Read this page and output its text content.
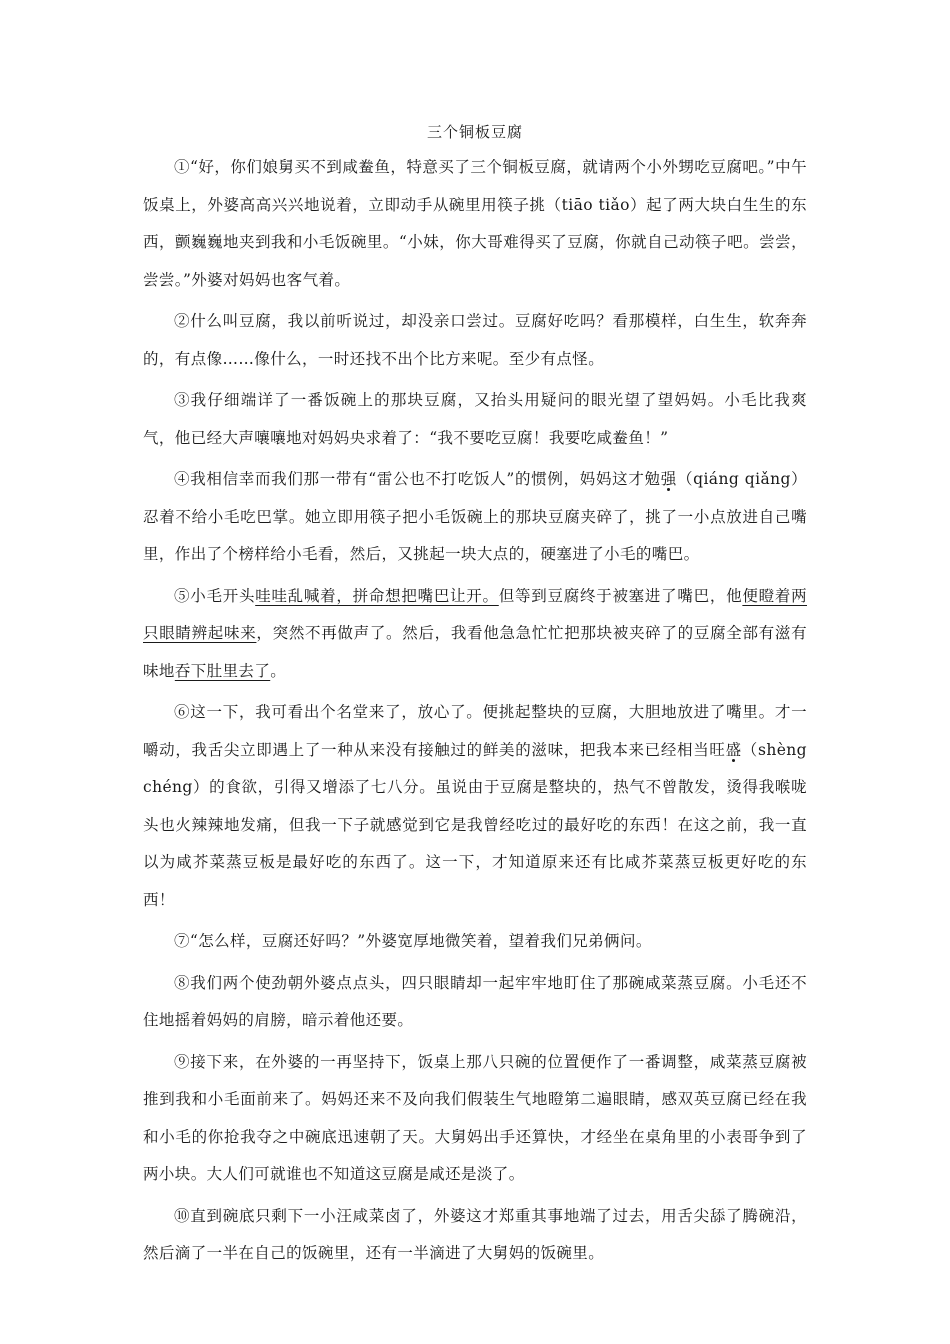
三个铜板豆腐

①“好，你们娘舅买不到咸鲞鱼，特意买了三个铜板豆腐，就请两个小外甥吃豆腐吧。”中午饭桌上，外婆高高兴兴地说着，立即动手从碗里用筷子挑（tiāo tiǎo）起了两大块白生生的东西，颤巍巍地夹到我和小毛饭碗里。“小妹，你大哥难得买了豆腐，你就自己动筷子吧。尝尝，尝尝。”外婆对妈妈也客气着。

②什么叫豆腐，我以前听说过，却没亲口尝过。豆腐好吃吗？看那模样，白生生，软奔奔的，有点像……像什么，一时还找不出个比方来呢。至少有点怪。

③我仔细端详了一番饭碗上的那块豆腐，又抬头用疑问的眼光望了望妈妈。小毛比我爽气，他已经大声嚷嚷地对妈妈央求着了：“我不要吃豆腐！我要吃咸鲞鱼！”

④我相信幸而我们那一带有“雷公也不打吃饭人”的惯例，妈妈这才勉强（qiáng qiǎng）忍着不给小毛吃巴掌。她立即用筷子把小毛饭碗上的那块豆腐夹碎了，挑了一小点放进自己嘴里，作出了个榜样给小毛看，然后，又挑起一块大点的，硬塞进了小毛的嘴巴。

⑤小毛开头哇哇乱喊着，拼命想把嘴巴让开。但等到豆腐终于被塞进了嘴巴，他便瞪着两只眼睛辨起味来，突然不再做声了。然后，我看他急急忙忙把那块被夹碎了的豆腐全部有滋有味地吞下肚里去了。

⑥这一下，我可看出个名堂来了，放心了。便挑起整块的豆腐，大胆地放进了嘴里。才一嚼动，我舌尖立即遇上了一种从来没有接触过的鲜美的滋味，把我本来已经相当旺盛（shèng chéng）的食欲，引得又增添了七八分。虽说由于豆腐是整块的，热气不曾散发，烫得我喉咙头也火辣辣地发痛，但我一下子就感觉到它是我曾经吃过的最好吃的东西！在这之前，我一直以为咸芥菜蒸豆板是最好吃的东西了。这一下，才知道原来还有比咸芥菜蒸豆板更好吃的东西！

⑦“怎么样，豆腐还好吗？”外婆宽厚地微笑着，望着我们兄弟俩问。

⑧我们两个使劲朝外婆点点头，四只眼睛却一起牢牢地盯住了那碗咸菜蒸豆腐。小毛还不住地摇着妈妈的肩膀，暗示着他还要。

⑨接下来，在外婆的一再坚持下，饭桌上那八只碗的位置便作了一番调整，咸菜蒸豆腐被推到我和小毛面前来了。妈妈还来不及向我们假装生气地瞪第二遍眼睛，感双英豆腐已经在我和小毛的你抢我夺之中碗底迅速朝了天。大舅妈出手还算快，才经坐在桌角里的小表哥争到了两小块。大人们可就谁也不知道这豆腐是咸还是淡了。

⑩直到碗底只剩下一小汪咸菜卤了，外婆这才郑重其事地端了过去，用舌尖舔了腾碗沿，然后滴了一半在自己的饭碗里，还有一半滴进了大舅妈的饭碗里。
